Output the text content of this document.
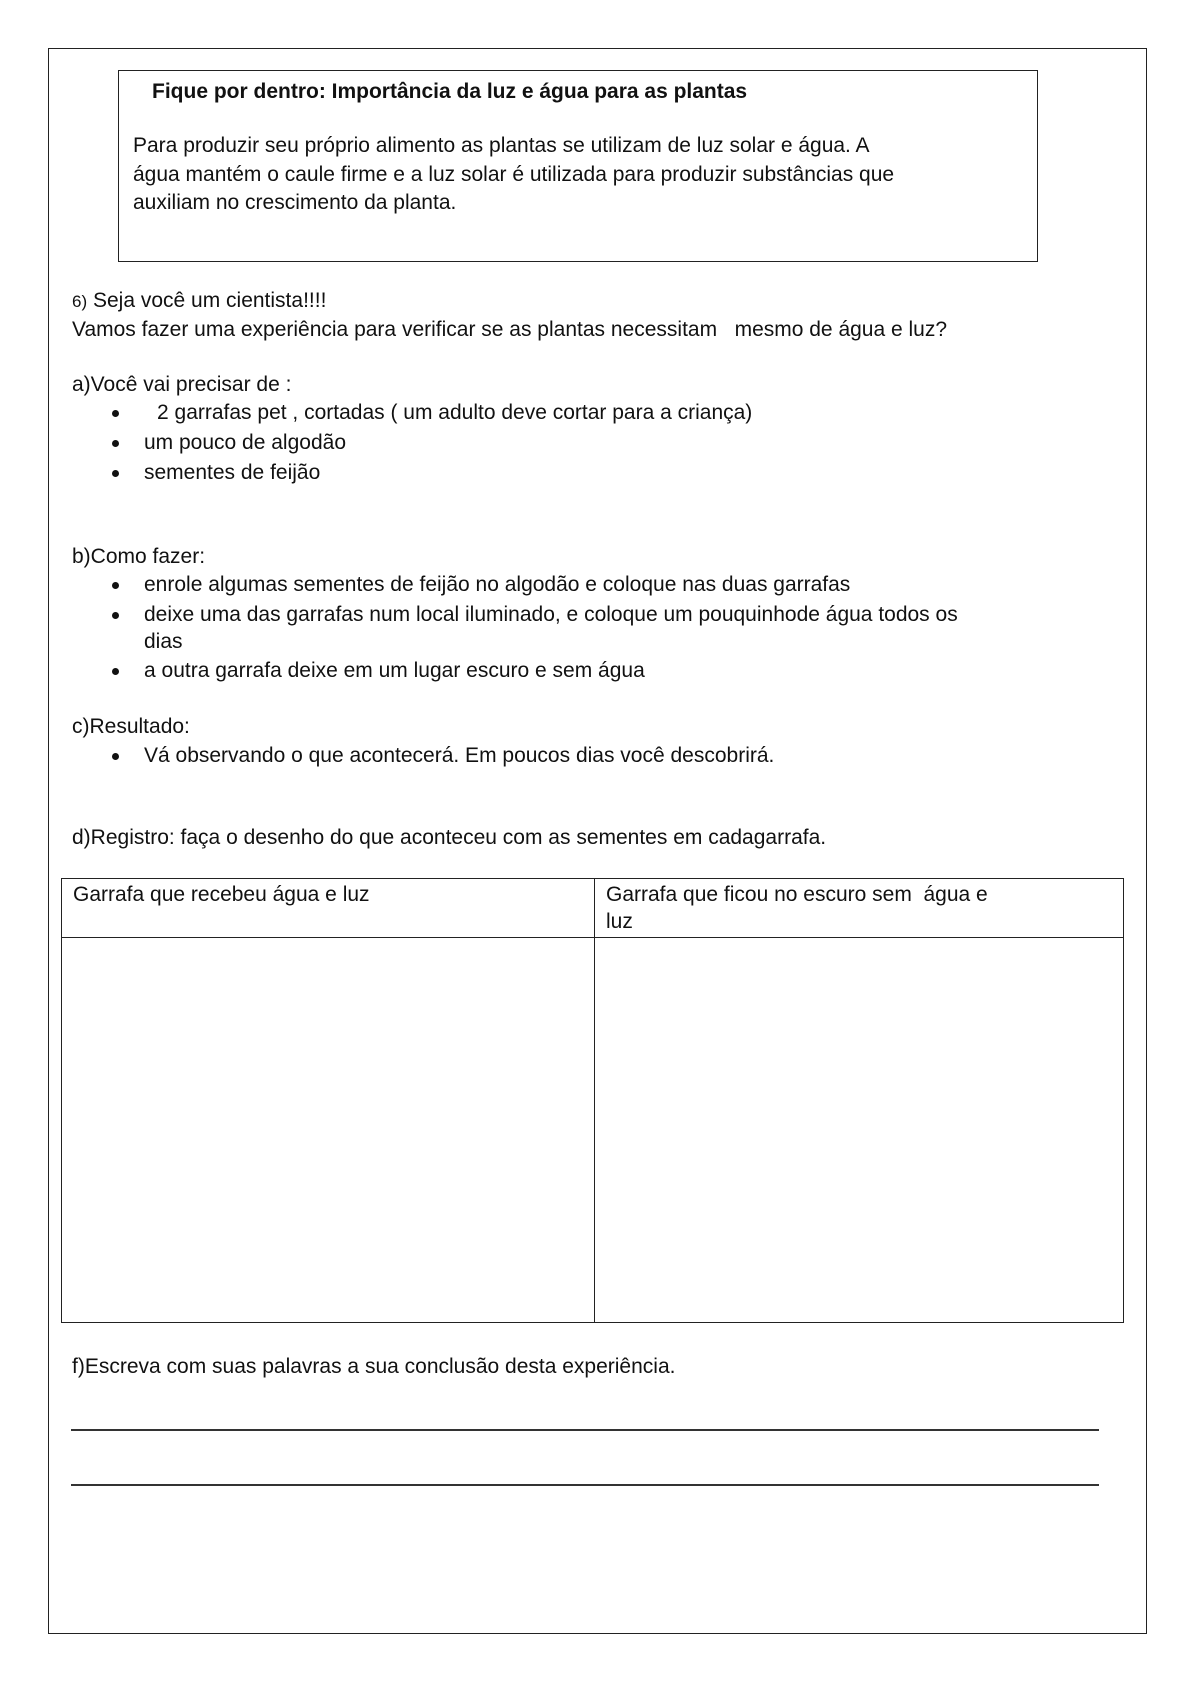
Fique por dentro: Importância da luz e água para as plantas
Para produzir seu próprio alimento as plantas se utilizam de luz solar e água. A
água mantém o caule firme e a luz solar é utilizada para produzir substâncias que
auxiliam no crescimento da planta.
6) Seja você um cientista!!!!
Vamos fazer uma experiência para verificar se as plantas necessitam   mesmo de água e luz?
a)Você vai precisar de :
2 garrafas pet , cortadas ( um adulto deve cortar para a criança)
um pouco de algodão
sementes de feijão
b)Como fazer:
enrole algumas sementes de feijão no algodão e coloque nas duas garrafas
deixe uma das garrafas num local iluminado, e coloque um pouquinhode água todos os
dias
a outra garrafa deixe em um lugar escuro e sem água
c)Resultado:
Vá observando o que acontecerá. Em poucos dias você descobrirá.
d)Registro: faça o desenho do que aconteceu com as sementes em cadagarrafa.
Garrafa que recebeu água e luz	Garrafa que ficou no escuro sem  água e
luz

f)Escreva com suas palavras a sua conclusão desta experiência.
